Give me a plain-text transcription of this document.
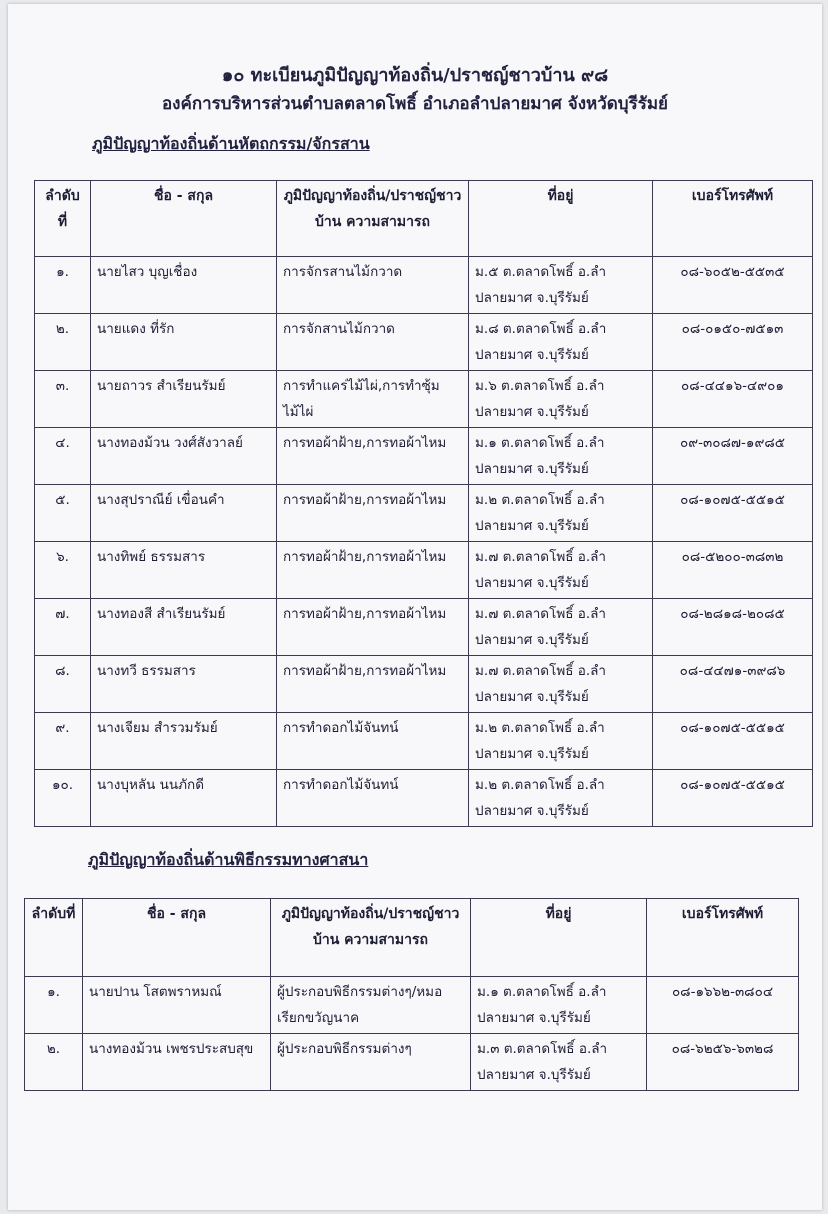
๑๐ ทะเบียนภูมิปัญญาท้องถิ่น/ปราชญ์ชาวบ้าน ๙๘
องค์การบริหารส่วนตำบลตลาดโพธิ์ อำเภอลำปลายมาศ จังหวัดบุรีรัมย์
ภูมิปัญญาท้องถิ่นด้านหัตถกรรม/จักรสาน
ลำดับที่	ชื่อ - สกุล	ภูมิปัญญาท้องถิ่น/ปราชญ์ชาวบ้าน ความสามารถ	ที่อยู่	เบอร์โทรศัพท์
๑.	นายไสว บุญเชื่อง	การจักรสานไม้กวาด	ม.๕ ต.ตลาดโพธิ์ อ.ลำปลายมาศ จ.บุรีรัมย์	๐๘-๖๐๕๒-๕๕๓๕
๒.	นายแดง ที่รัก	การจักสานไม้กวาด	ม.๘ ต.ตลาดโพธิ์ อ.ลำปลายมาศ จ.บุรีรัมย์	๐๘-๐๑๕๐-๗๕๑๓
๓.	นายถาวร สำเรียนรัมย์	การทำแคร่ไม้ไผ่,การทำซุ้มไม้ไผ่	ม.๖ ต.ตลาดโพธิ์ อ.ลำปลายมาศ จ.บุรีรัมย์	๐๘-๔๔๑๖-๔๙๐๑
๔.	นางทองม้วน วงศ์สังวาลย์	การทอผ้าฝ้าย,การทอผ้าไหม	ม.๑ ต.ตลาดโพธิ์ อ.ลำปลายมาศ จ.บุรีรัมย์	๐๙-๓๐๘๗-๑๙๘๕
๕.	นางสุปราณีย์ เขื่อนคำ	การทอผ้าฝ้าย,การทอผ้าไหม	ม.๒ ต.ตลาดโพธิ์ อ.ลำปลายมาศ จ.บุรีรัมย์	๐๘-๑๐๗๕-๕๕๑๕
๖.	นางทิพย์ ธรรมสาร	การทอผ้าฝ้าย,การทอผ้าไหม	ม.๗ ต.ตลาดโพธิ์ อ.ลำปลายมาศ จ.บุรีรัมย์	๐๘-๕๒๐๐-๓๘๓๒
๗.	นางทองสี สำเรียนรัมย์	การทอผ้าฝ้าย,การทอผ้าไหม	ม.๗ ต.ตลาดโพธิ์ อ.ลำปลายมาศ จ.บุรีรัมย์	๐๘-๒๘๑๘-๒๐๘๕
๘.	นางทวี ธรรมสาร	การทอผ้าฝ้าย,การทอผ้าไหม	ม.๗ ต.ตลาดโพธิ์ อ.ลำปลายมาศ จ.บุรีรัมย์	๐๘-๔๔๗๑-๓๙๘๖
๙.	นางเจียม สำรวมรัมย์	การทำดอกไม้จันทน์	ม.๒ ต.ตลาดโพธิ์ อ.ลำปลายมาศ จ.บุรีรัมย์	๐๘-๑๐๗๕-๕๕๑๕
๑๐.	นางบุหลัน นนภักดี	การทำดอกไม้จันทน์	ม.๒ ต.ตลาดโพธิ์ อ.ลำปลายมาศ จ.บุรีรัมย์	๐๘-๑๐๗๕-๕๕๑๕
ภูมิปัญญาท้องถิ่นด้านพิธีกรรมทางศาสนา
ลำดับที่	ชื่อ - สกุล	ภูมิปัญญาท้องถิ่น/ปราชญ์ชาวบ้าน ความสามารถ	ที่อยู่	เบอร์โทรศัพท์
๑.	นายปาน โสตพราหมณ์	ผู้ประกอบพิธีกรรมต่างๆ/หมอเรียกขวัญนาค	ม.๑ ต.ตลาดโพธิ์ อ.ลำปลายมาศ จ.บุรีรัมย์	๐๘-๑๖๖๒-๓๘๐๔
๒.	นางทองม้วน เพชรประสบสุข	ผู้ประกอบพิธีกรรมต่างๆ	ม.๓ ต.ตลาดโพธิ์ อ.ลำปลายมาศ จ.บุรีรัมย์	๐๘-๖๒๕๖-๖๓๒๘
